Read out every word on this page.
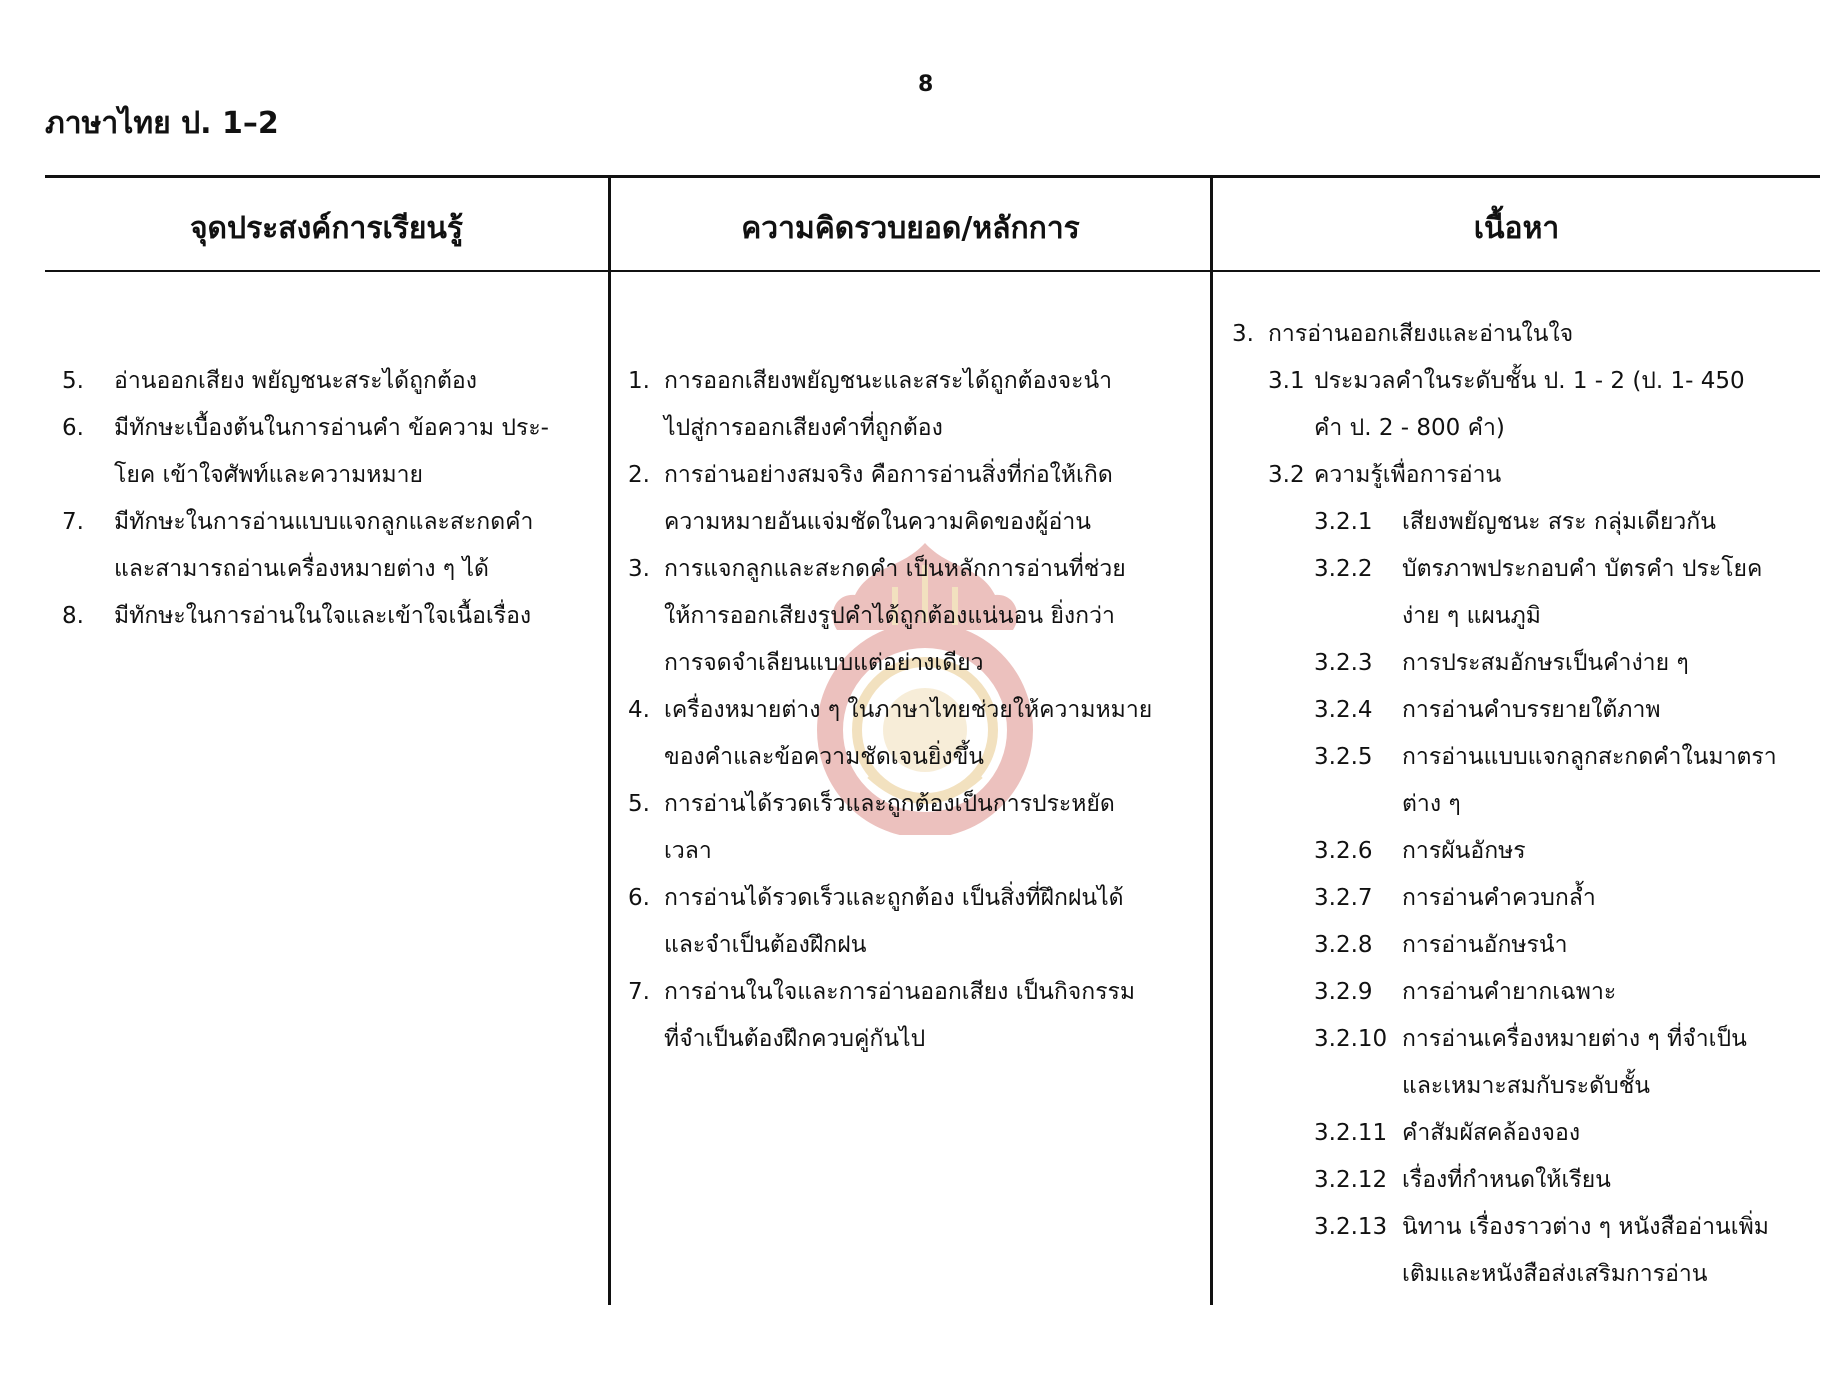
ภาษาไทย ป. 1–2
8
จุดประสงค์การเรียนรู้	ความคิดรวบยอด/หลักการ	เนื้อหา
5. อ่านออกเสียง พยัญชนะสระได้ถูกต้อง
6. มีทักษะเบื้องต้นในการอ่านคำ ข้อความ ประ-
โยค เข้าใจศัพท์และความหมาย
7. มีทักษะในการอ่านแบบแจกลูกและสะกดคำ
และสามารถอ่านเครื่องหมายต่าง ๆ ได้
8. มีทักษะในการอ่านในใจและเข้าใจเนื้อเรื่อง
1. การออกเสียงพยัญชนะและสระได้ถูกต้องจะนำ
ไปสู่การออกเสียงคำที่ถูกต้อง
2. การอ่านอย่างสมจริง คือการอ่านสิ่งที่ก่อให้เกิด
ความหมายอันแจ่มชัดในความคิดของผู้อ่าน
3. การแจกลูกและสะกดคำ เป็นหลักการอ่านที่ช่วย
ให้การออกเสียงรูปคำได้ถูกต้องแน่นอน ยิ่งกว่า
การจดจำเลียนแบบแต่อย่างเดียว
4. เครื่องหมายต่าง ๆ ในภาษาไทยช่วยให้ความหมาย
ของคำและข้อความชัดเจนยิ่งขึ้น
5. การอ่านได้รวดเร็วและถูกต้องเป็นการประหยัด
เวลา
6. การอ่านได้รวดเร็วและถูกต้อง เป็นสิ่งที่ฝึกฝนได้
และจำเป็นต้องฝึกฝน
7. การอ่านในใจและการอ่านออกเสียง เป็นกิจกรรม
ที่จำเป็นต้องฝึกควบคู่กันไป
3. การอ่านออกเสียงและอ่านในใจ
3.1 ประมวลคำในระดับชั้น ป. 1 - 2 (ป. 1- 450
คำ ป. 2 - 800 คำ)
3.2 ความรู้เพื่อการอ่าน
3.2.1 เสียงพยัญชนะ สระ กลุ่มเดียวกัน
3.2.2 บัตรภาพประกอบคำ บัตรคำ ประโยค
ง่าย ๆ แผนภูมิ
3.2.3 การประสมอักษรเป็นคำง่าย ๆ
3.2.4 การอ่านคำบรรยายใต้ภาพ
3.2.5 การอ่านแบบแจกลูกสะกดคำในมาตรา
ต่าง ๆ
3.2.6 การผันอักษร
3.2.7 การอ่านคำควบกล้ำ
3.2.8 การอ่านอักษรนำ
3.2.9 การอ่านคำยากเฉพาะ
3.2.10 การอ่านเครื่องหมายต่าง ๆ ที่จำเป็น
และเหมาะสมกับระดับชั้น
3.2.11 คำสัมผัสคล้องจอง
3.2.12 เรื่องที่กำหนดให้เรียน
3.2.13 นิทาน เรื่องราวต่าง ๆ หนังสืออ่านเพิ่ม
เติมและหนังสือส่งเสริมการอ่าน
